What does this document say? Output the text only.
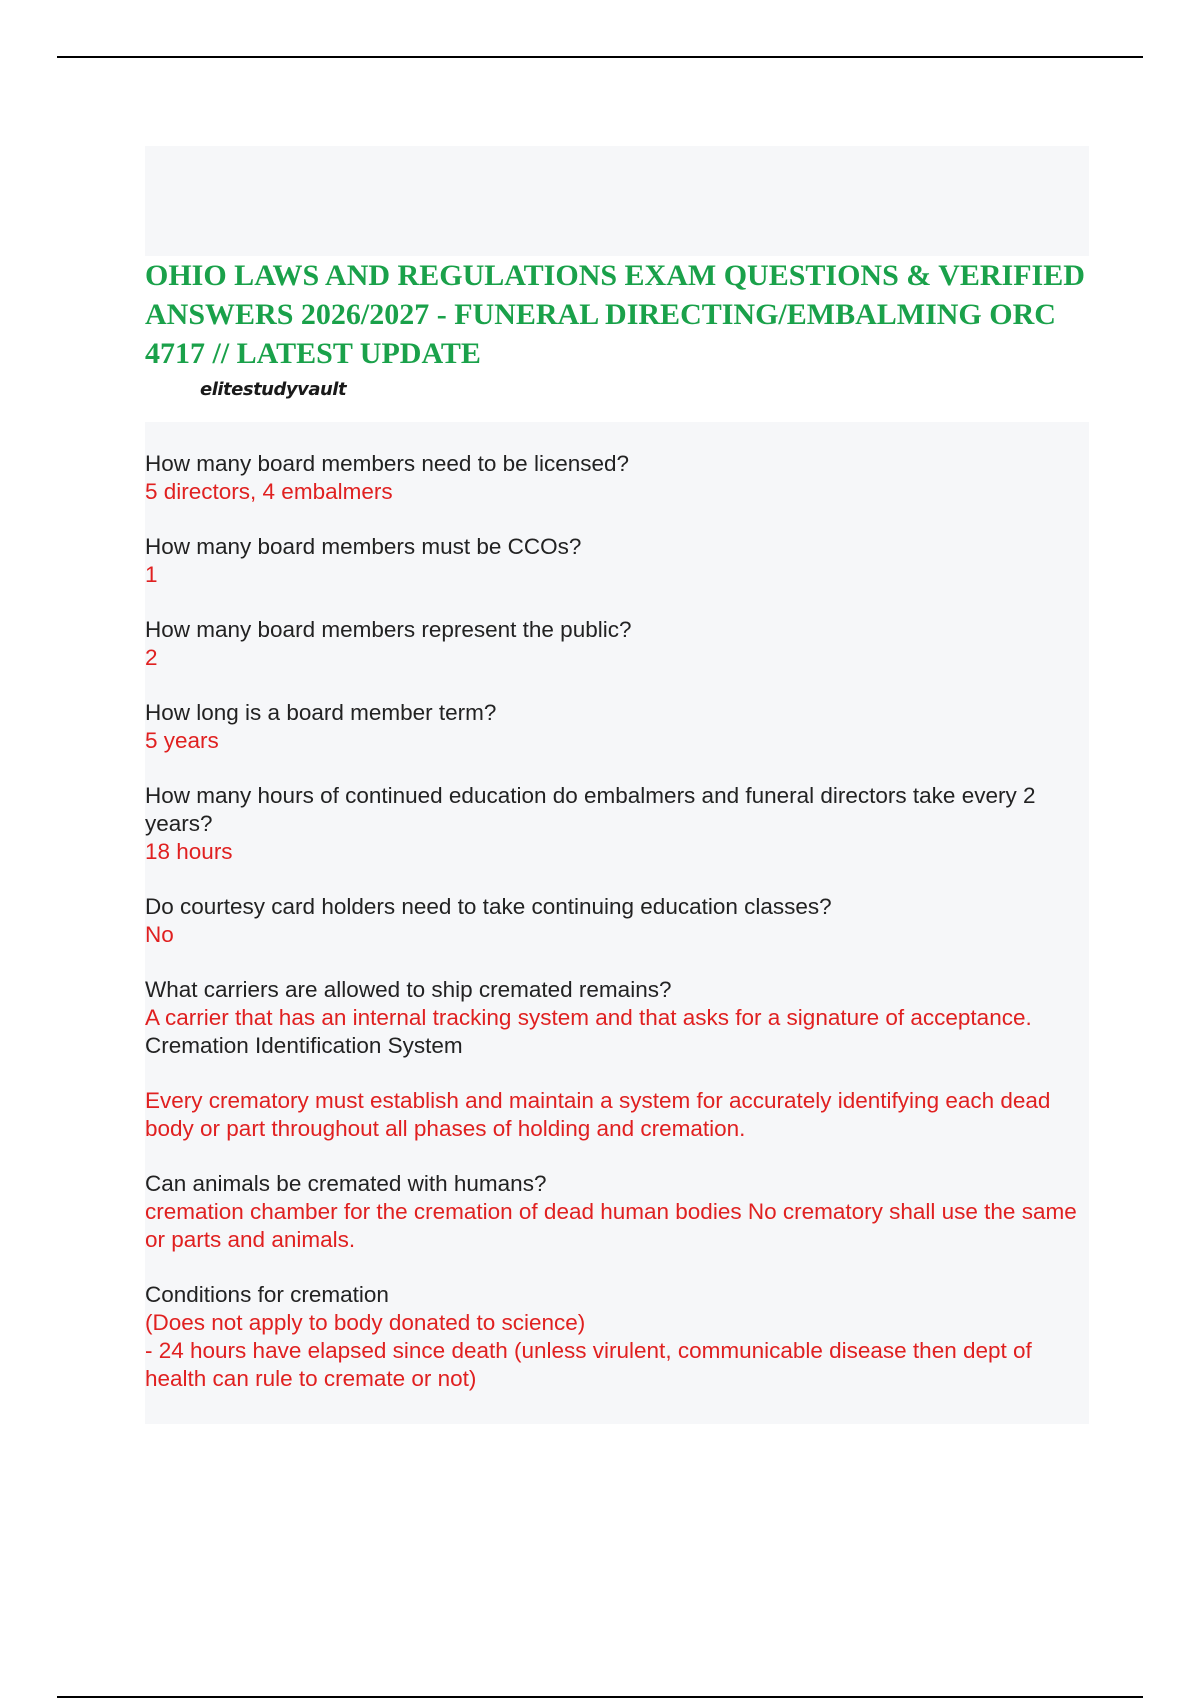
OHIO LAWS AND REGULATIONS EXAM QUESTIONS & VERIFIED ANSWERS 2026/2027 - FUNERAL DIRECTING/EMBALMING ORC 4717 // LATEST UPDATE
elitestudyvault
How many board members need to be licensed?
5 directors, 4 embalmers
How many board members must be CCOs?
1
How many board members represent the public?
2
How long is a board member term?
5 years
How many hours of continued education do embalmers and funeral directors take every 2 years?
18 hours
Do courtesy card holders need to take continuing education classes?
No
What carriers are allowed to ship cremated remains?
A carrier that has an internal tracking system and that asks for a signature of acceptance.
Cremation Identification System
Every crematory must establish and maintain a system for accurately identifying each dead body or part throughout all phases of holding and cremation.
Can animals be cremated with humans?
cremation chamber for the cremation of dead human bodies No crematory shall use the same or parts and animals.
Conditions for cremation
(Does not apply to body donated to science)
- 24 hours have elapsed since death (unless virulent, communicable disease then dept of health can rule to cremate or not)
